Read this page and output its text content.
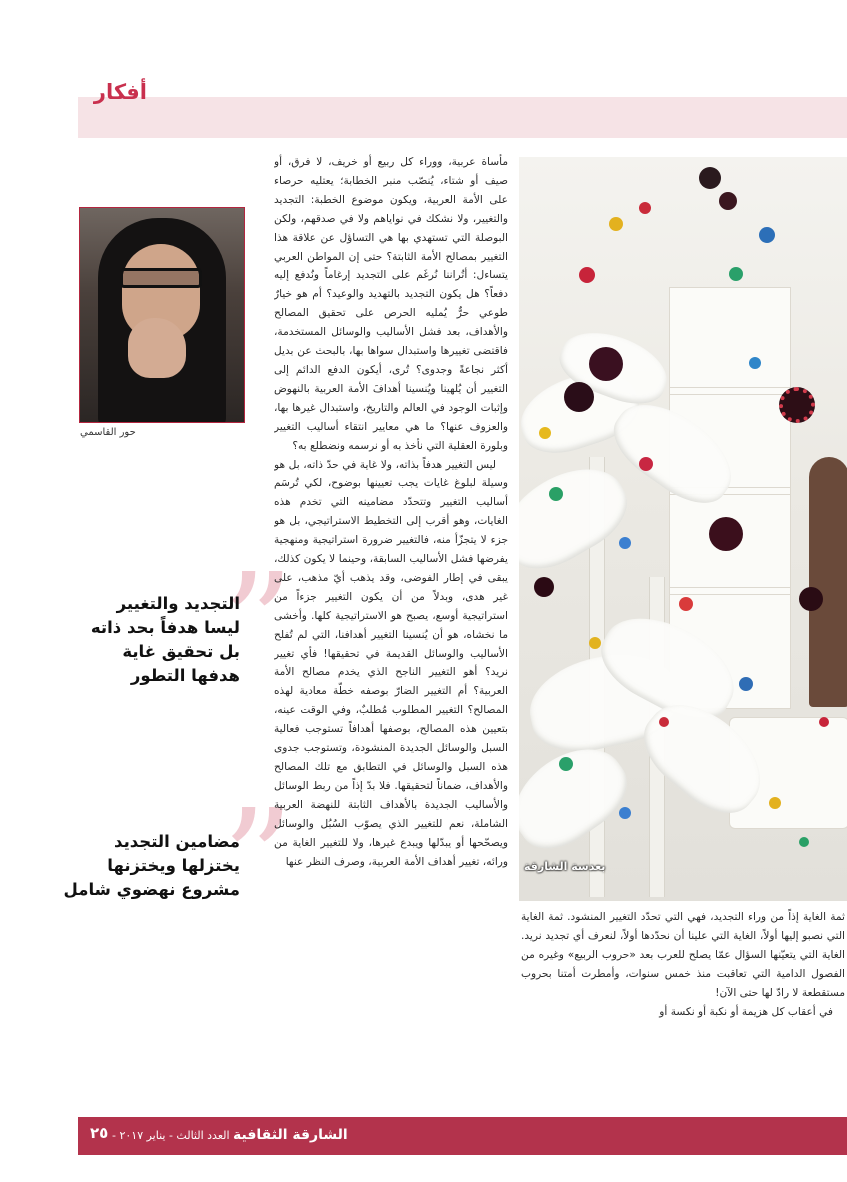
أفكار
بعدسة الشارقة
حور القاسمي
”
التجديد والتغيير
ليسا هدفاً بحد ذاته
بل تحقيق غاية
هدفها التطور
”
مضامين التجديد
يختزلها ويختزنها
مشروع نهضوي شامل

مأساة عربية، ووراء كل ربيع أو خريف، لا فرق، أو صيف أو شتاء، يُنصّب منبر الخطابة؛ يعتليه حرصاء على الأمة العربية، ويكون موضوع الخطبة: التجديد والتغيير، ولا نشكك في نواياهم ولا في صدقهم، ولكن البوصلة التي تستهدي بها هي التساؤل عن علاقة هذا التغيير بمصالح الأمة الثابتة؟ حتى إن المواطن العربي يتساءل: أتُراننا نُرغَم على التجديد إرغاماً ونُدفع إليه دفعاً؟ هل يكون التجديد بالتهديد والوعيد؟ أم هو خيارٌ طوعي حرٌّ يُمليه الحرص على تحقيق المصالح والأهداف، بعد فشل الأساليب والوسائل المستخدمة، فاقتضى تغييرها واستبدال سواها بها، بالبحث عن بديل أكثر نجاعةً وجدوى؟ تُرى، أيكون الدفع الدائم إلى التغيير أن يُلهينا ويُنسينا أهدافَ الأمة العربية بالنهوض وإثبات الوجود في العالم والتاريخ، واستبدال غيرها بها، والعزوف عنها؟ ما هي معايير انتقاء أساليب التغيير وبلورة العقلية التي نأخذ به أو نرسمه ونضطلع به؟

ليس التغيير هدفاً بذاته، ولا غاية في حدّ ذاته، بل هو وسيلة لبلوغ غايات يجب تعيينها بوضوح، لكي تُرسَم أساليب التغيير وتتحدّد مضامينه التي تخدم هذه الغايات، وهو أقرب إلى التخطيط الاستراتيجي، بل هو جزء لا يتجزّأ منه، فالتغيير ضرورة استراتيجية ومنهجية يفرضها فشل الأساليب السابقة، وحينما لا يكون كذلك، يبقى في إطار الفوضى، وقد يذهب أيّ مذهب، على غير هدى، وبدلاً من أن يكون التغيير جزءاً من استراتيجية أوسع، يصبح هو الاستراتيجية كلها. وأخشى ما نخشاه، هو أن يُنسينا التغيير أهدافنا، التي لم تُفلح الأساليب والوسائل القديمة في تحقيقها! فأي تغيير نريد؟ أهو التغيير الناجح الذي يخدم مصالح الأمة العربية؟ أم التغيير الضارّ بوصفه خطّة معادية لهذه المصالح؟ التغيير المطلوب مُطلبٌ، وفي الوقت عينه، بتعيين هذه المصالح، بوصفها أهدافاً تستوجب فعالية السبل والوسائل الجديدة المنشودة، وتستوجب جدوى هذه السبل والوسائل في التطابق مع تلك المصالح والأهداف، ضماناً لتحقيقها. فلا بدّ إذاً من ربط الوسائل والأساليب الجديدة بالأهداف الثابتة للنهضة العربية الشاملة، نعم للتغيير الذي يصوّب السُبُل والوسائل ويصحّحها أو يبدّلها ويبدع غيرها، ولا للتغيير الغاية من ورائه، تغيير أهداف الأمة العربية، وصرف النظر عنها

ثمة الغاية إذاً من وراء التجديد، فهي التي تحدّد التغيير المنشود. ثمة الغاية التي نصبو إليها أولاً، الغاية التي علينا أن نحدّدها أولاً، لنعرف أي تجديد نريد. الغاية التي يتعيّنها السؤال عمّا يصلح للعرب بعد «حروب الربيع» وغيره من الفصول الدامية التي تعاقبت منذ خمس سنوات، وأمطرت أمتنا بحروب مستقطعة لا رادّ لها حتى الآن!

في أعقاب كل هزيمة أو نكبة أو نكسة أو

٢٥	الشارقة الثقافية العدد الثالث - يناير ٢٠١٧ -
